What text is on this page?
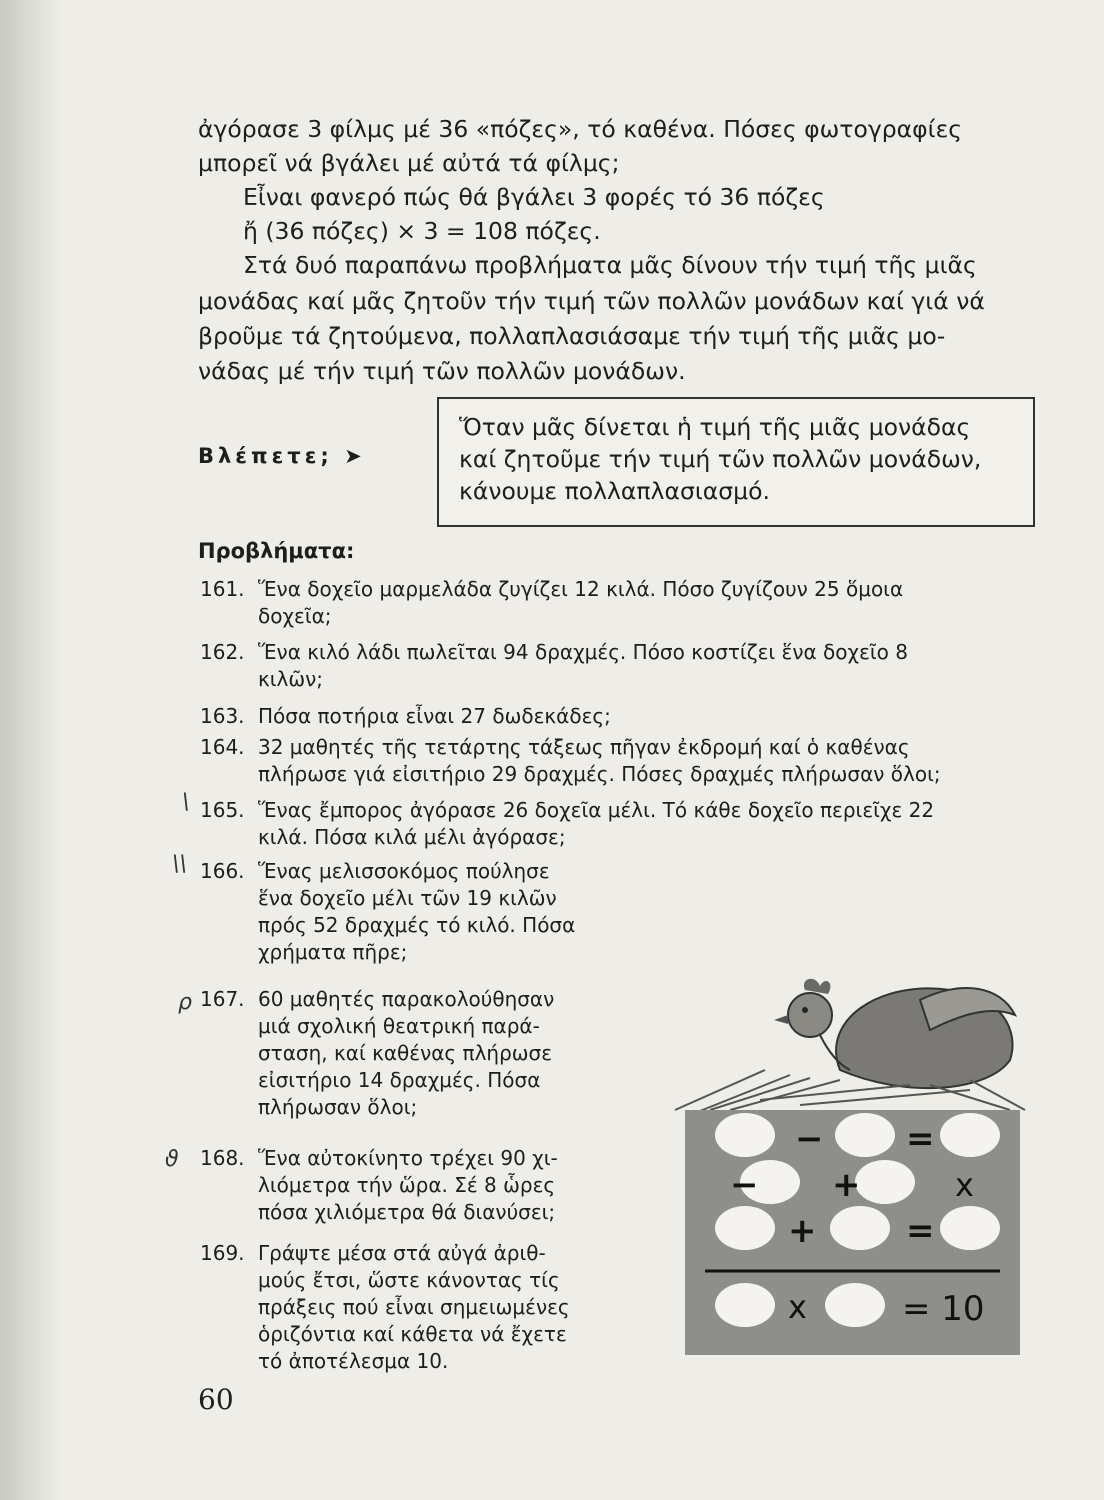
ἀγόρασε 3 φίλμς μέ 36 «πόζες», τό καθένα. Πόσες φωτογραφίες
μπορεῖ νά βγάλει μέ αὐτά τά φίλμς;
Εἶναι φανερό πώς θά βγάλει 3 φορές τό 36 πόζες
ἤ (36 πόζες) × 3 = 108 πόζες.
Στά δυό παραπάνω προβλήματα μᾶς δίνουν τήν τιμή τῆς μιᾶς
μονάδας καί μᾶς ζητοῦν τήν τιμή τῶν πολλῶν μονάδων καί γιά νά
βροῦμε τά ζητούμενα, πολλαπλασιάσαμε τήν τιμή τῆς μιᾶς μο-
νάδας μέ τήν τιμή τῶν πολλῶν μονάδων.
Βλέπετε; ➤
Ὅταν μᾶς δίνεται ἡ τιμή τῆς μιᾶς μονάδας
καί ζητοῦμε τήν τιμή τῶν πολλῶν μονάδων,
κάνουμε πολλαπλασιασμό.
Προβλήματα:
161. Ἕνα δοχεῖο μαρμελάδα ζυγίζει 12 κιλά. Πόσο ζυγίζουν 25 ὅμοια
δοχεῖα;
162. Ἕνα κιλό λάδι πωλεῖται 94 δραχμές. Πόσο κοστίζει ἕνα δοχεῖο 8
κιλῶν;
163. Πόσα ποτήρια εἶναι 27 δωδεκάδες;
164. 32 μαθητές τῆς τετάρτης τάξεως πῆγαν ἐκδρομή καί ὁ καθένας
πλήρωσε γιά εἰσιτήριο 29 δραχμές. Πόσες δραχμές πλήρωσαν ὅλοι;
165. Ἕνας ἔμπορος ἀγόρασε 26 δοχεῖα μέλι. Τό κάθε δοχεῖο περιεῖχε 22
κιλά. Πόσα κιλά μέλι ἀγόρασε;
166. Ἕνας μελισσοκόμος πούλησε
ἕνα δοχεῖο μέλι τῶν 19 κιλῶν
πρός 52 δραχμές τό κιλό. Πόσα
χρήματα πῆρε;
167. 60 μαθητές παρακολούθησαν
μιά σχολική θεατρική παρά-
σταση, καί καθένας πλήρωσε
εἰσιτήριο 14 δραχμές. Πόσα
πλήρωσαν ὅλοι;
168. Ἕνα αὐτοκίνητο τρέχει 90 χι-
λιόμετρα τήν ὥρα. Σέ 8 ὧρες
πόσα χιλιόμετρα θά διανύσει;
169. Γράψτε μέσα στά αὐγά ἀριθ-
μούς ἔτσι, ὥστε κάνοντας τίς
πράξεις πού εἶναι σημειωμένες
ὁριζόντια καί κάθετα νά ἔχετε
τό ἀποτέλεσμα 10.
\
\\
ρ
ϑ
− =
− +	x
+	=
x	= 10
60
